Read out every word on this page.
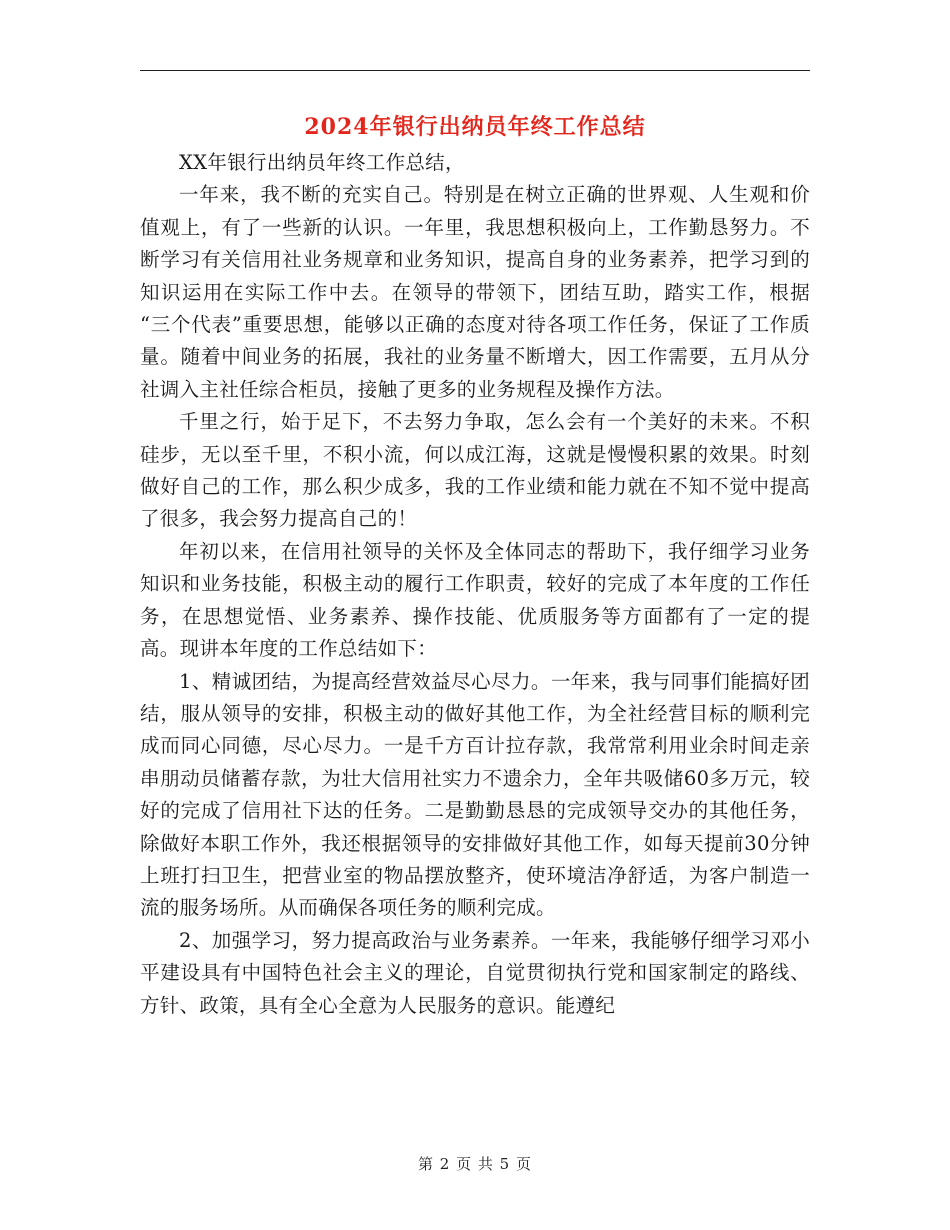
2024年银行出纳员年终工作总结

XX年银行出纳员年终工作总结，

一年来，我不断的充实自己。特别是在树立正确的世界观、人生观和价值观上，有了一些新的认识。一年里，我思想积极向上，工作勤恳努力。不断学习有关信用社业务规章和业务知识，提高自身的业务素养，把学习到的知识运用在实际工作中去。在领导的带领下，团结互助，踏实工作，根据 “三个代表”重要思想，能够以正确的态度对待各项工作任务，保证了工作质量。随着中间业务的拓展，我社的业务量不断增大，因工作需要，五月从分社调入主社任综合柜员，接触了更多的业务规程及操作方法。

千里之行，始于足下，不去努力争取，怎么会有一个美好的未来。不积硅步，无以至千里，不积小流，何以成江海，这就是慢慢积累的效果。时刻做好自己的工作，那么积少成多，我的工作业绩和能力就在不知不觉中提高了很多，我会努力提高自己的！

年初以来，在信用社领导的关怀及全体同志的帮助下，我仔细学习业务知识和业务技能，积极主动的履行工作职责，较好的完成了本年度的工作任务，在思想觉悟、业务素养、操作技能、优质服务等方面都有了一定的提高。现讲本年度的工作总结如下：

1、精诚团结，为提高经营效益尽心尽力。一年来，我与同事们能搞好团结，服从领导的安排，积极主动的做好其他工作，为全社经营目标的顺利完成而同心同德，尽心尽力。一是千方百计拉存款，我常常利用业余时间走亲串朋动员储蓄存款，为壮大信用社实力不遗余力，全年共吸储60多万元，较好的完成了信用社下达的任务。二是勤勤恳恳的完成领导交办的其他任务，除做好本职工作外，我还根据领导的安排做好其他工作，如每天提前30分钟上班打扫卫生，把营业室的物品摆放整齐，使环境洁净舒适，为客户制造一流的服务场所。从而确保各项任务的顺利完成。

2、加强学习，努力提高政治与业务素养。一年来，我能够仔细学习邓小平建设具有中国特色社会主义的理论，自觉贯彻执行党和国家制定的路线、方针、政策，具有全心全意为人民服务的意识。能遵纪

第 2 页 共 5 页
